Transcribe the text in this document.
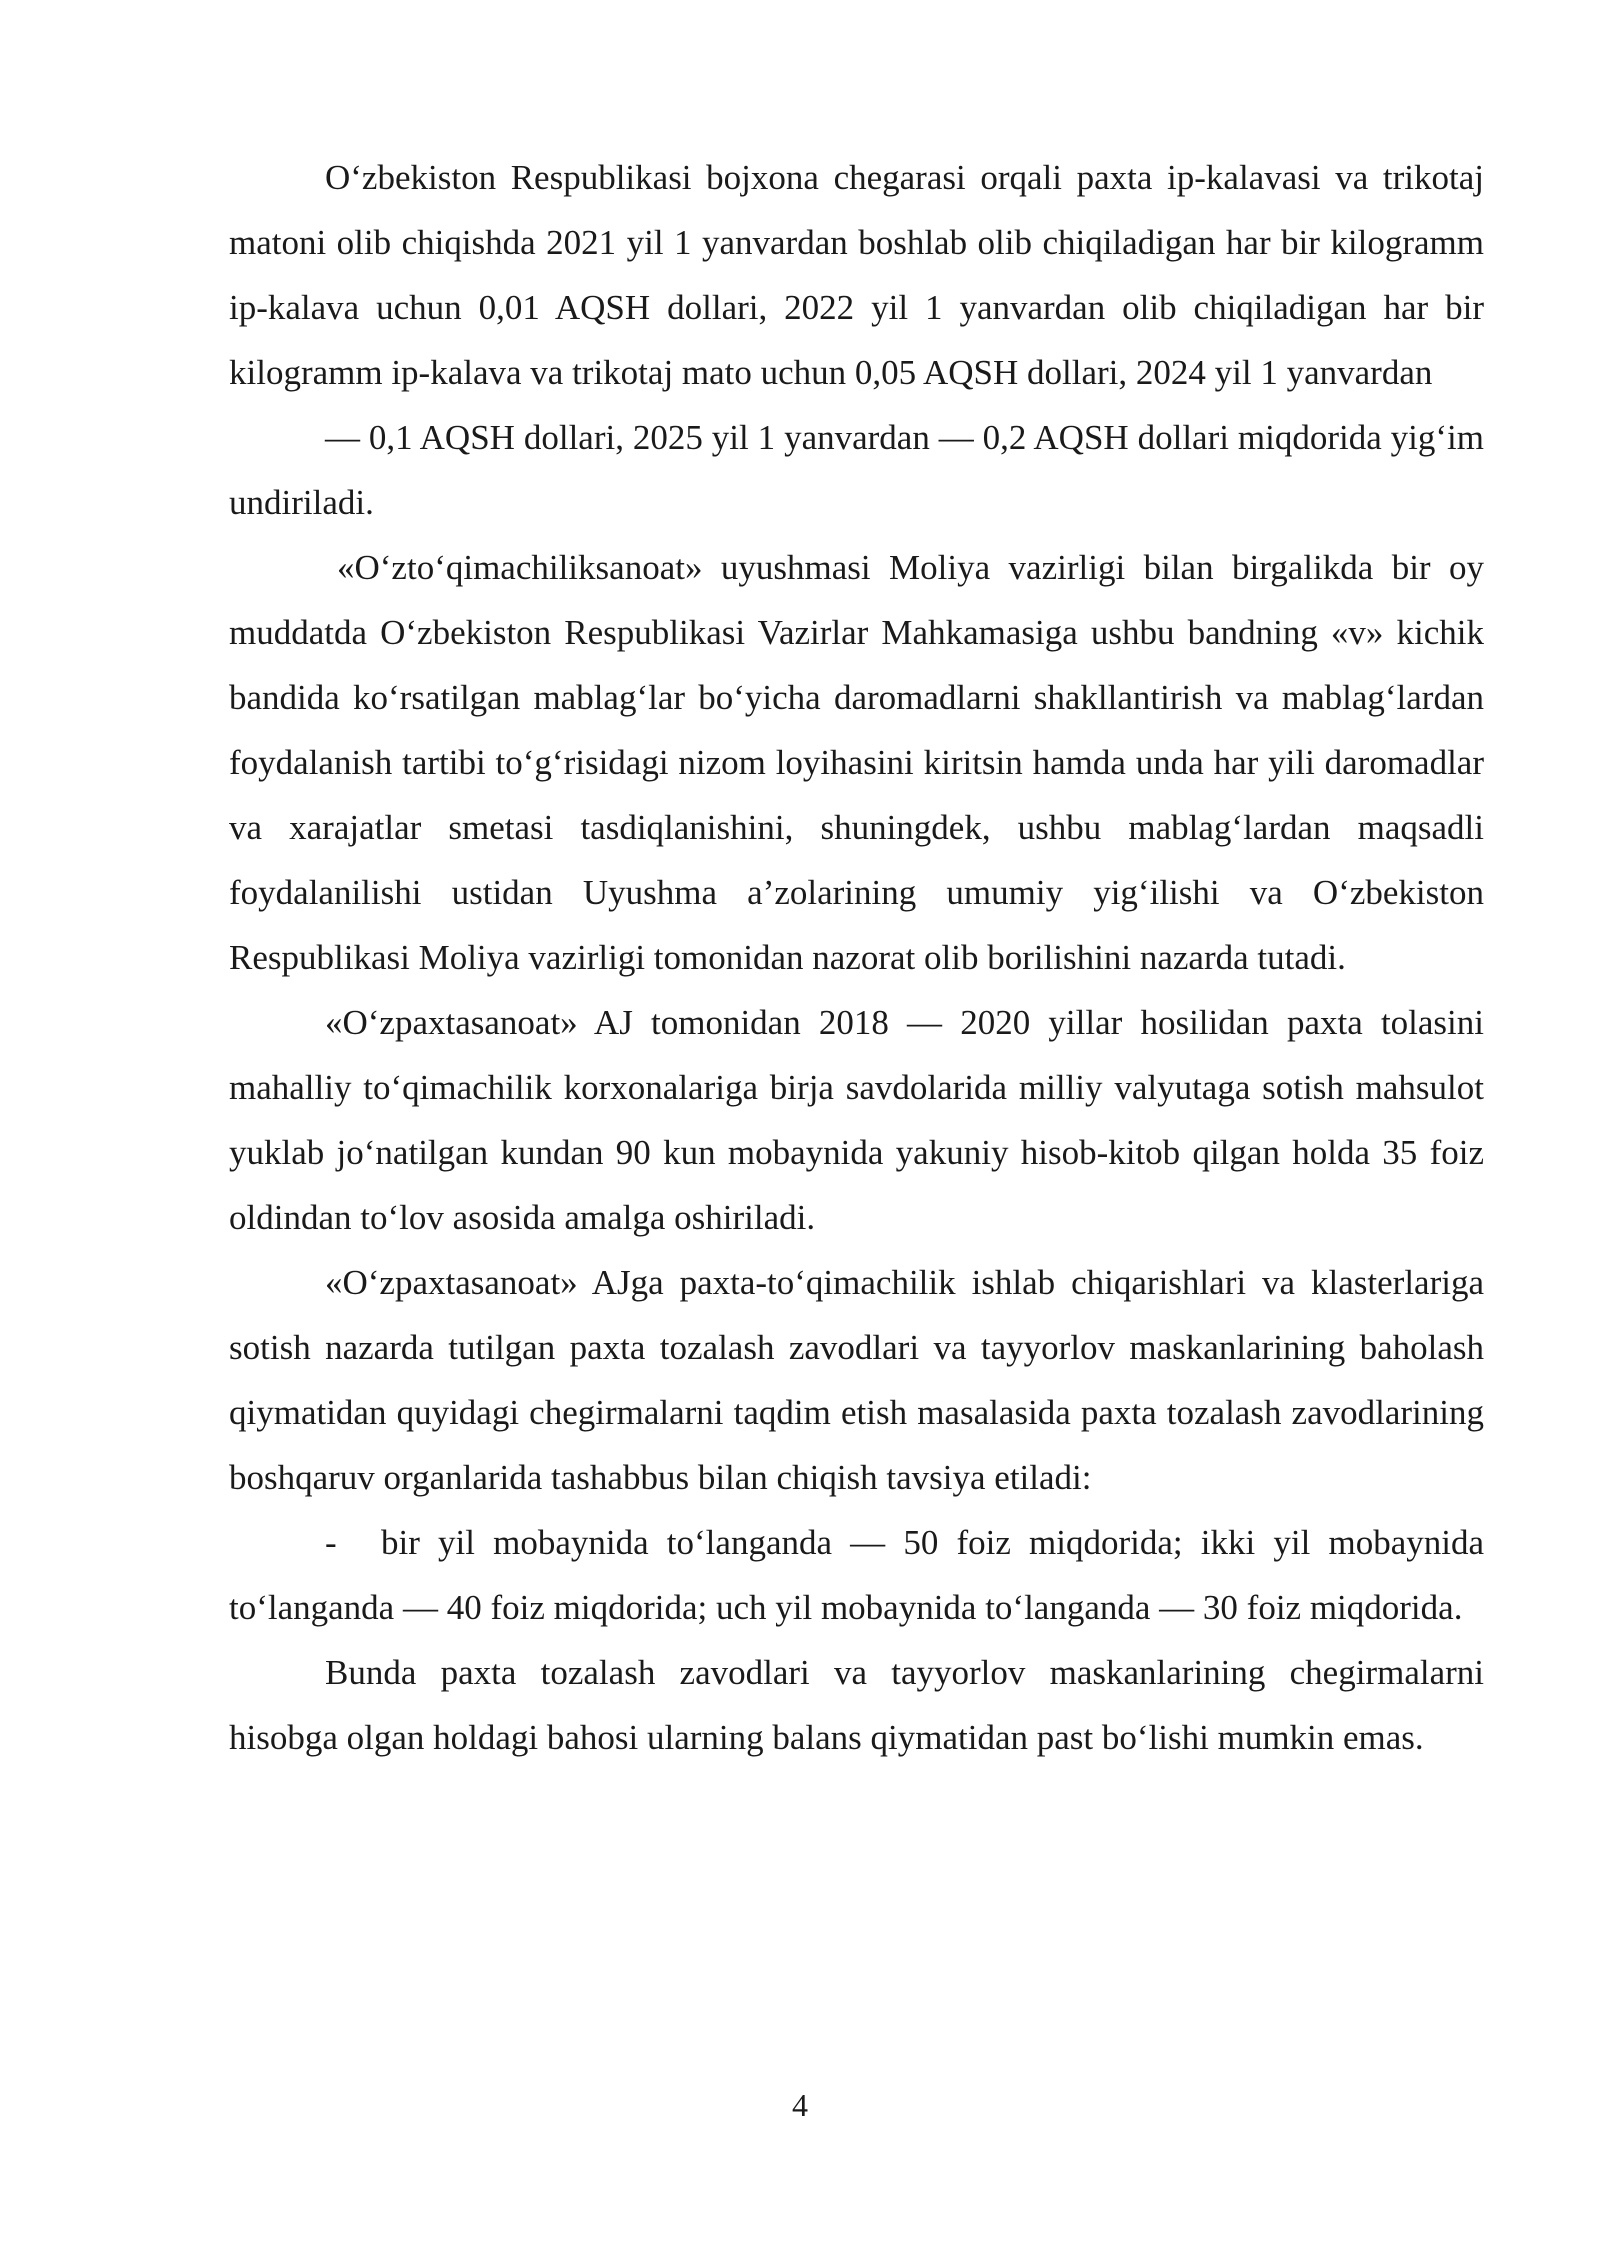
O‘zbekiston Respublikasi bojxona chegarasi orqali paxta ip-kalavasi va trikotaj matoni olib chiqishda 2021 yil 1 yanvardan boshlab olib chiqiladigan har bir kilogramm ip-kalava uchun 0,01 AQSH dollari, 2022 yil 1 yanvardan olib chiqiladigan har bir kilogramm ip-kalava va trikotaj mato uchun 0,05 AQSH dollari, 2024 yil 1 yanvardan

— 0,1 AQSH dollari, 2025 yil 1 yanvardan — 0,2 AQSH dollari miqdorida yig‘im undiriladi.

«O‘zto‘qimachiliksanoat» uyushmasi Moliya vazirligi bilan birgalikda bir oy muddatda O‘zbekiston Respublikasi Vazirlar Mahkamasiga ushbu bandning «v» kichik bandida ko‘rsatilgan mablag‘lar bo‘yicha daromadlarni shakllantirish va mablag‘lardan foydalanish tartibi to‘g‘risidagi nizom loyihasini kiritsin hamda unda har yili daromadlar va xarajatlar smetasi tasdiqlanishini, shuningdek, ushbu mablag‘lardan maqsadli foydalanilishi ustidan Uyushma a’zolarining umumiy yig‘ilishi va O‘zbekiston Respublikasi Moliya vazirligi tomonidan nazorat olib borilishini nazarda tutadi.

«O‘zpaxtasanoat» AJ tomonidan 2018 — 2020 yillar hosilidan paxta tolasini mahalliy to‘qimachilik korxonalariga birja savdolarida milliy valyutaga sotish mahsulot yuklab jo‘natilgan kundan 90 kun mobaynida yakuniy hisob-kitob qilgan holda 35 foiz oldindan to‘lov asosida amalga oshiriladi.

«O‘zpaxtasanoat» AJga paxta-to‘qimachilik ishlab chiqarishlari va klasterlariga sotish nazarda tutilgan paxta tozalash zavodlari va tayyorlov maskanlarining baholash qiymatidan quyidagi chegirmalarni taqdim etish masalasida paxta tozalash zavodlarining boshqaruv organlarida tashabbus bilan chiqish tavsiya etiladi:

- bir yil mobaynida to‘langanda — 50 foiz miqdorida; ikki yil mobaynida to‘langanda — 40 foiz miqdorida; uch yil mobaynida to‘langanda — 30 foiz miqdorida.

Bunda paxta tozalash zavodlari va tayyorlov maskanlarining chegirmalarni hisobga olgan holdagi bahosi ularning balans qiymatidan past bo‘lishi mumkin emas.

4
